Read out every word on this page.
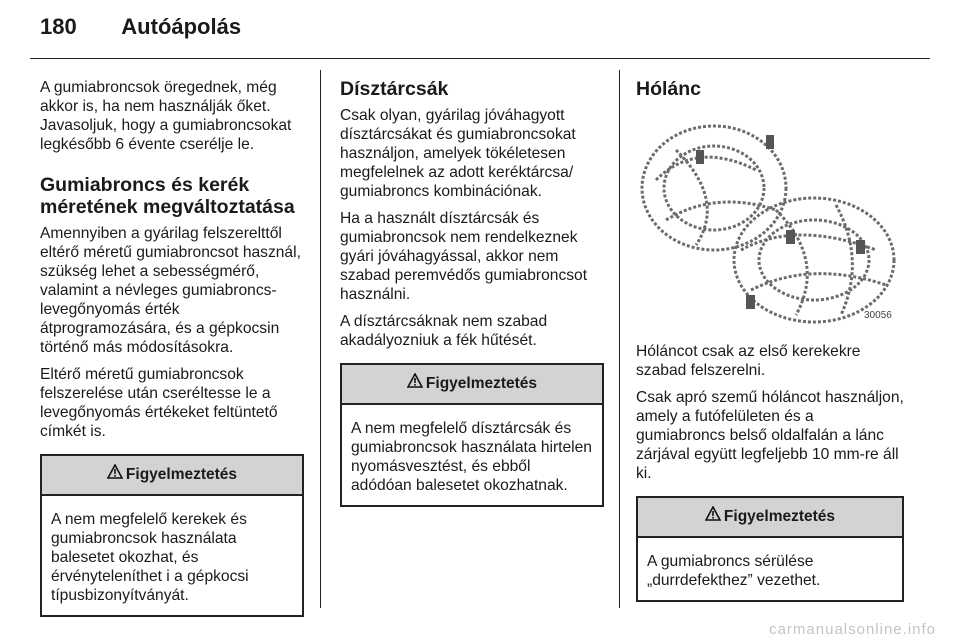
180 Autóápolás

A gumiabroncsok öregednek, még akkor is, ha nem használják őket. Javasoljuk, hogy a gumiabroncsokat legkésőbb 6 évente cserélje le.

Gumiabroncs és kerék méretének megváltoztatása

Amennyiben a gyárilag felszerelttől eltérő méretű gumiabroncsot használ, szükség lehet a sebességmérő, valamint a névleges gumiabroncs-levegőnyomás érték átprogramozására, és a gépkocsin történő más módosításokra.

Eltérő méretű gumiabroncsok felszerelése után cseréltesse le a levegőnyomás értékeket feltüntető címkét is.

Figyelmeztetés
A nem megfelelő kerekek és gumiabroncsok használata balesetet okozhat, és érvényteleníthet i a gépkocsi típusbizonyítványát.
Dísztárcsák

Csak olyan, gyárilag jóváhagyott dísztárcsákat és gumiabroncsokat használjon, amelyek tökéletesen megfelelnek az adott keréktárcsa/ gumiabroncs kombinációnak.

Ha a használt dísztárcsák és gumiabroncsok nem rendelkeznek gyári jóváhagyással, akkor nem szabad peremvédős gumiabroncsot használni.

A dísztárcsáknak nem szabad akadályozniuk a fék hűtését.

Figyelmeztetés
A nem megfelelő dísztárcsák és gumiabroncsok használata hirtelen nyomásvesztést, és ebből adódóan balesetet okozhatnak.
Hólánc
30056

Hóláncot csak az első kerekekre szabad felszerelni.

Csak apró szemű hóláncot használjon, amely a futófelületen és a gumiabroncs belső oldalfalán a lánc zárjával együtt legfeljebb 10 mm-re áll ki.

Figyelmeztetés
A gumiabroncs sérülése „durrdefekthez” vezethet.
carmanualsonline.info
